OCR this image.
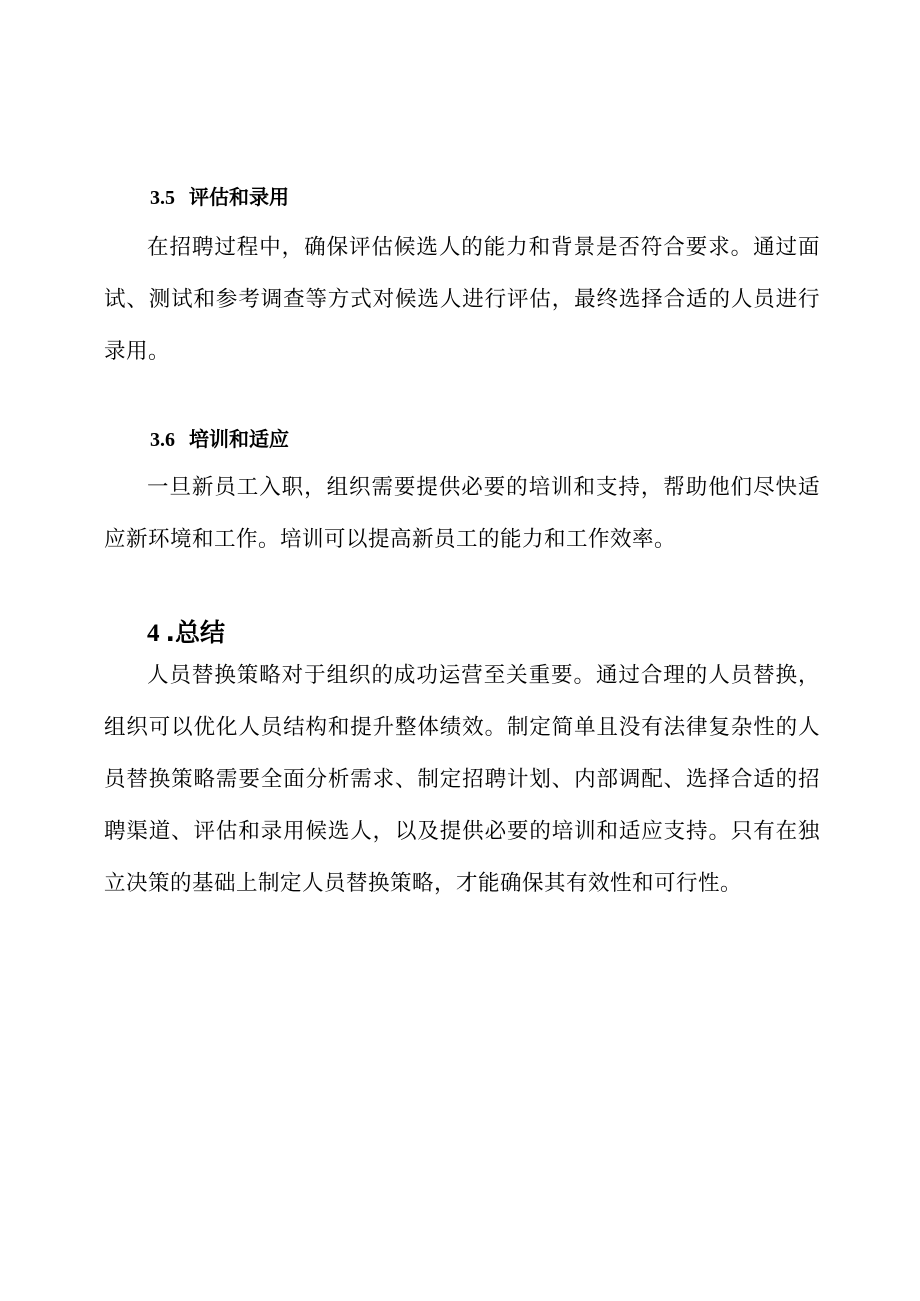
3.5 评估和录用

在招聘过程中，确保评估候选人的能力和背景是否符合要求。通过面试、测试和参考调查等方式对候选人进行评估，最终选择合适的人员进行录用。

3.6 培训和适应

一旦新员工入职，组织需要提供必要的培训和支持，帮助他们尽快适应新环境和工作。培训可以提高新员工的能力和工作效率。

4 .总结

人员替换策略对于组织的成功运营至关重要。通过合理的人员替换，组织可以优化人员结构和提升整体绩效。制定简单且没有法律复杂性的人员替换策略需要全面分析需求、制定招聘计划、内部调配、选择合适的招聘渠道、评估和录用候选人，以及提供必要的培训和适应支持。只有在独立决策的基础上制定人员替换策略，才能确保其有效性和可行性。
